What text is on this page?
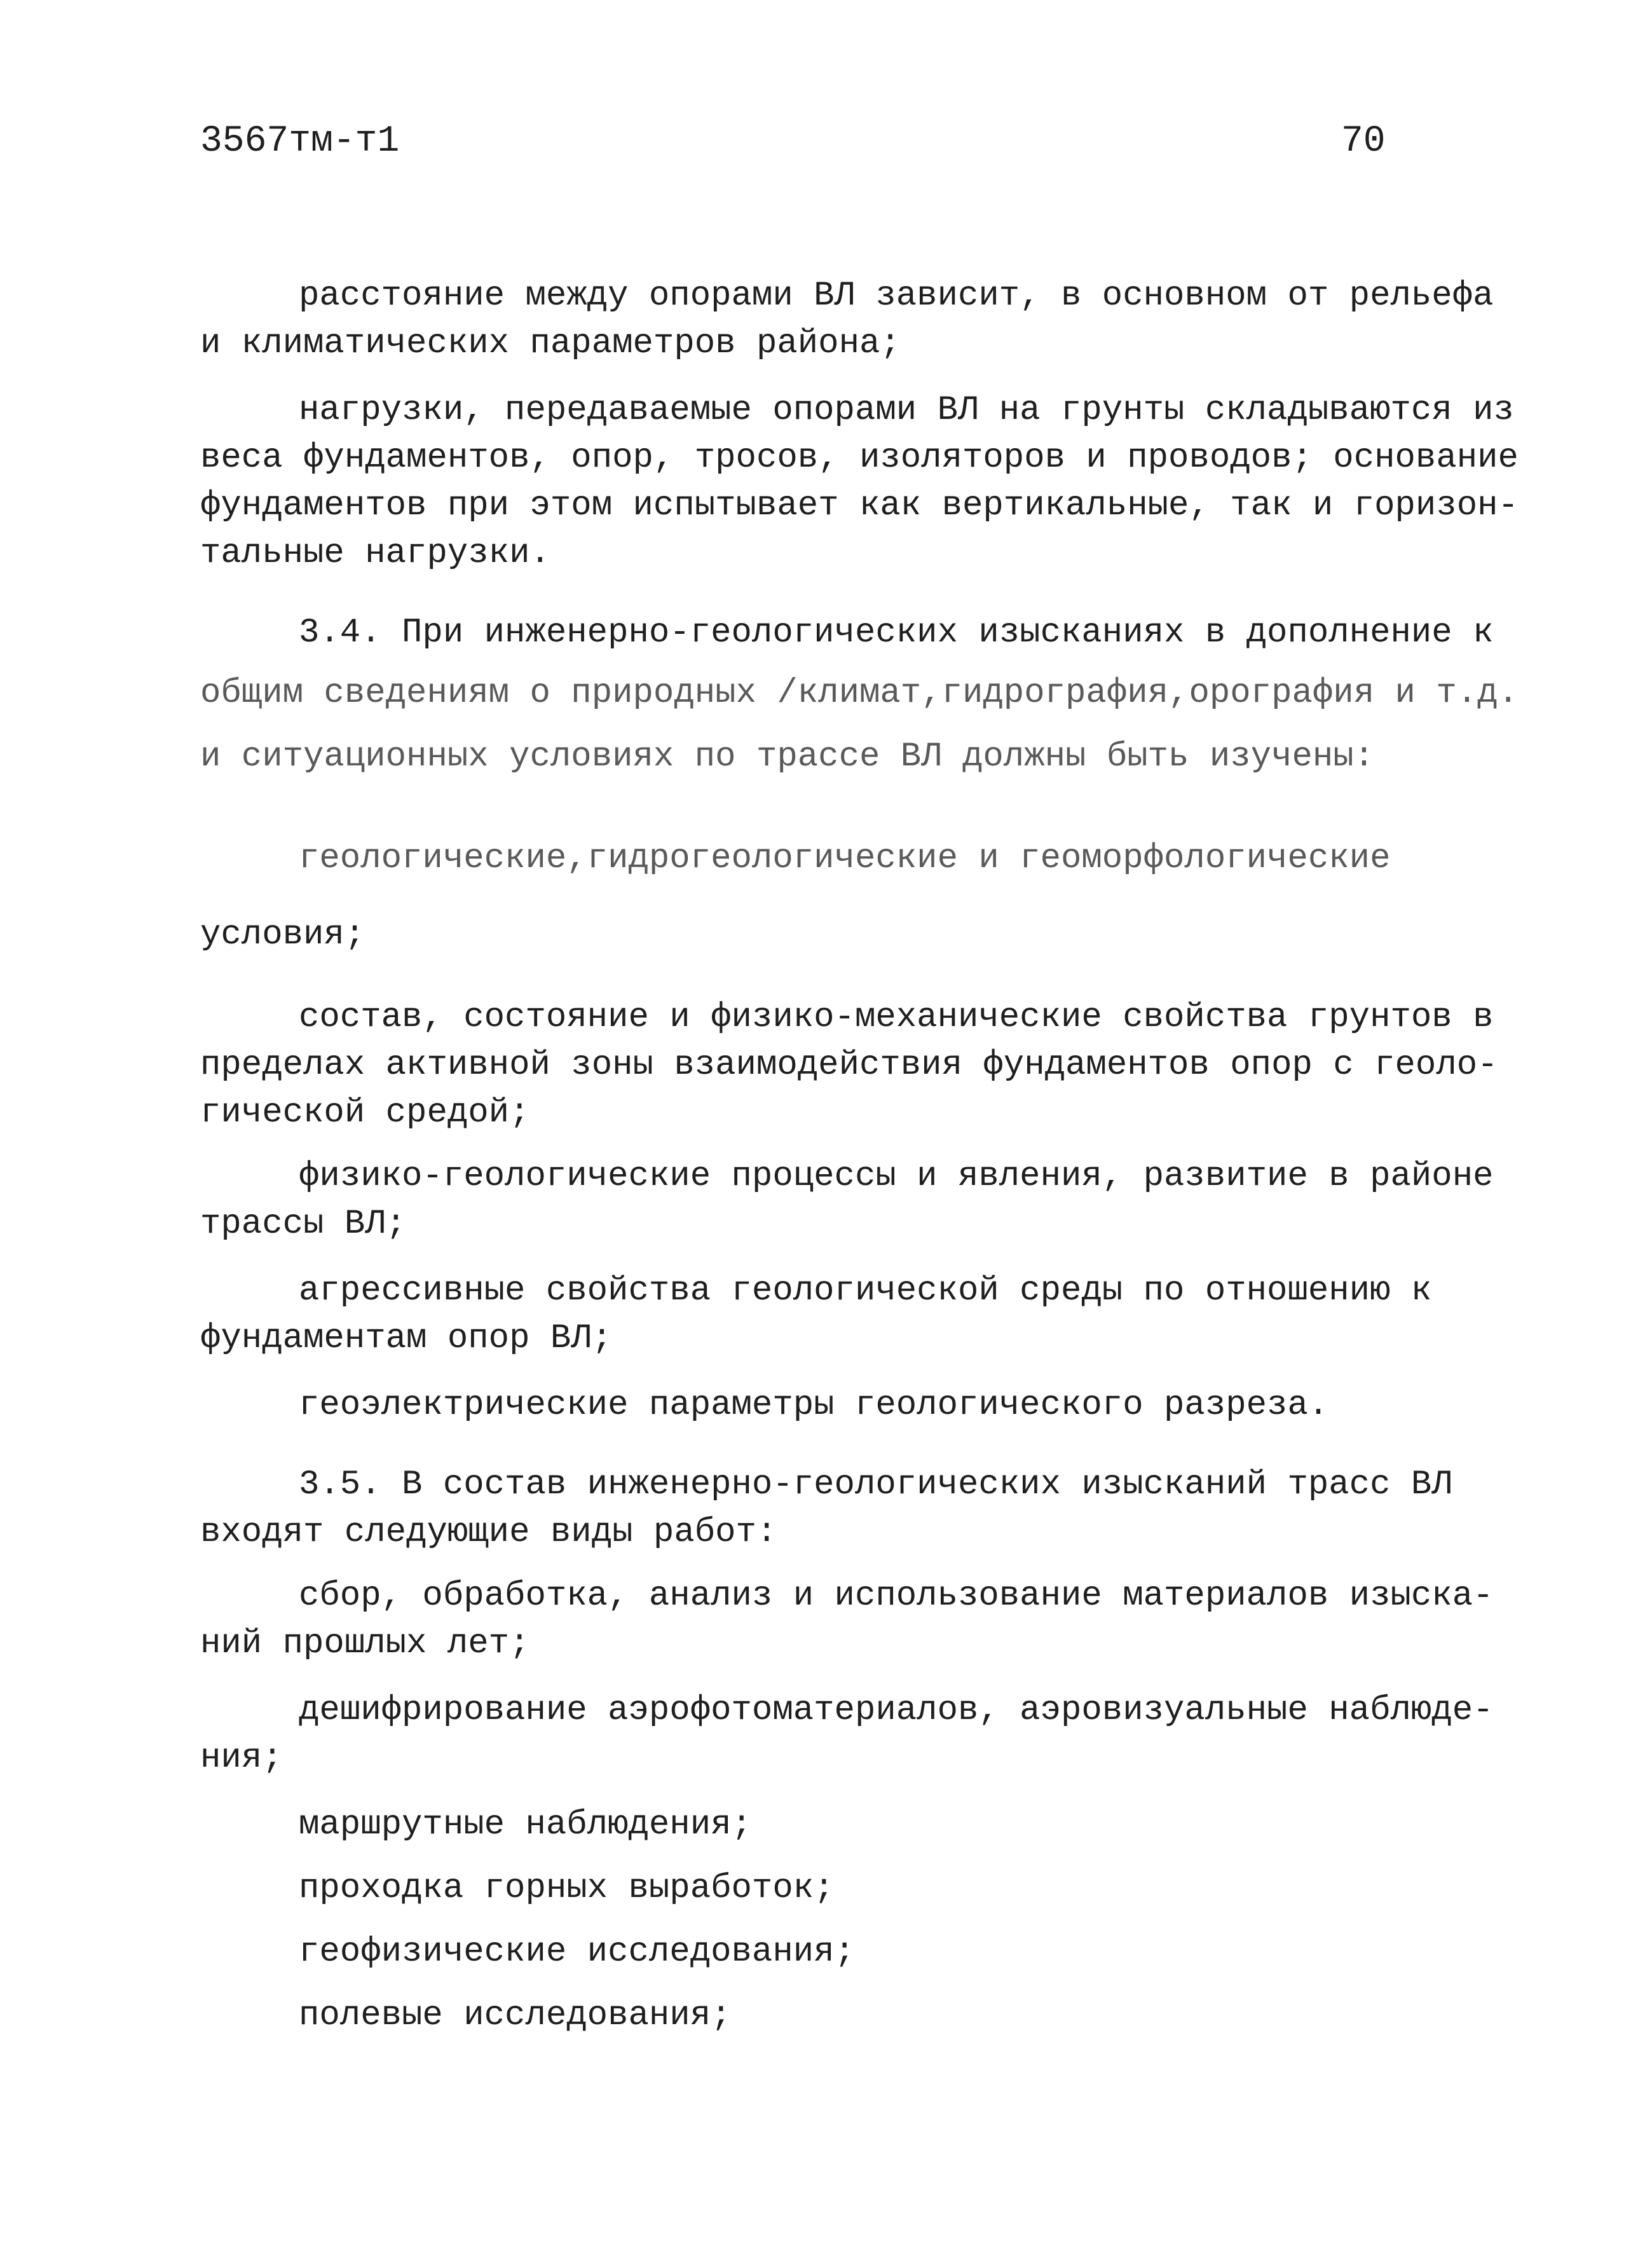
3567тм-т1	70
расстояние между опорами ВЛ зависит, в основном от рельефа
и климатических параметров района;
нагрузки, передаваемые опорами ВЛ на грунты складываются из
веса фундаментов, опор, тросов, изоляторов и проводов; основание
фундаментов при этом испытывает как вертикальные, так и горизон-
тальные нагрузки.
3.4. При инженерно-геологических изысканиях в дополнение к
общим сведениям о природных /климат,гидрография,орография и т.д.
и ситуационных условиях по трассе ВЛ должны быть изучены:
геологические,гидрогеологические и геоморфологические
условия;
состав, состояние и физико-механические свойства грунтов в
пределах активной зоны взаимодействия фундаментов опор с геоло-
гической средой;
физико-геологические процессы и явления, развитие в районе
трассы ВЛ;
агрессивные свойства геологической среды по отношению к
фундаментам опор ВЛ;
геоэлектрические параметры геологического разреза.
3.5. В состав инженерно-геологических изысканий трасс ВЛ
входят следующие виды работ:
сбор, обработка, анализ и использование материалов изыска-
ний прошлых лет;
дешифрирование аэрофотоматериалов, аэровизуальные наблюде-
ния;
маршрутные наблюдения;
проходка горных выработок;
геофизические исследования;
полевые исследования;
